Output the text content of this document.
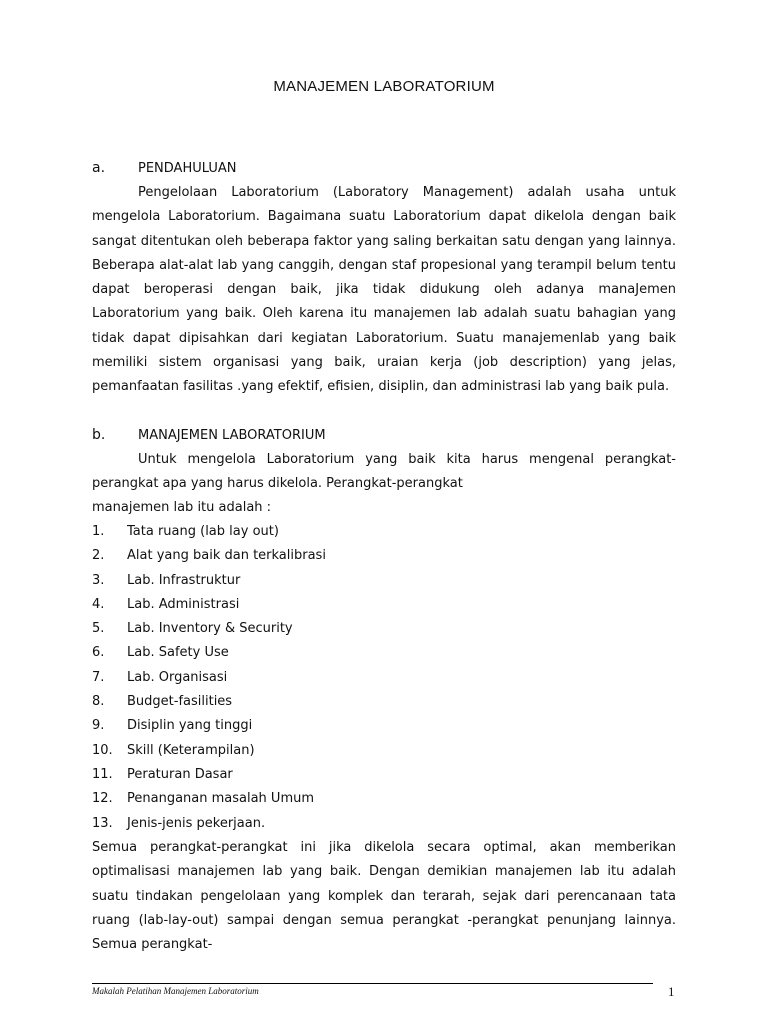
MANAJEMEN LABORATORIUM
a.	PENDAHULUAN

Pengelolaan Laboratorium (Laboratory Management) adalah usaha untuk mengelola Laboratorium. Bagaimana suatu Laboratorium dapat dikelola dengan baik sangat ditentukan oleh beberapa faktor yang saling berkaitan satu dengan yang lainnya. Beberapa alat-alat lab yang canggih, dengan staf propesional yang terampil belum tentu dapat beroperasi dengan baik, jika tidak didukung oleh adanya manaJemen Laboratorium yang baik. Oleh karena itu manajemen lab adalah suatu bahagian yang tidak dapat dipisahkan dari kegiatan Laboratorium. Suatu manajemenlab yang baik memiliki sistem organisasi yang baik, uraian kerja (job description) yang jelas, pemanfaatan fasilitas .yang efektif, efisien, disiplin, dan administrasi lab yang baik pula.

b.	MANAJEMEN LABORATORIUM

Untuk mengelola Laboratorium yang baik kita harus mengenal perangkat-perangkat apa yang harus dikelola. Perangkat-perangkat

manajemen lab itu adalah :
1. Tata ruang (lab lay out)
2. Alat yang baik dan terkalibrasi
3. Lab. Infrastruktur
4. Lab. Administrasi
5. Lab. Inventory & Security
6. Lab. Safety Use
7. Lab. Organisasi
8. Budget-fasilities
9. Disiplin yang tinggi
10. Skill (Keterampilan)
11. Peraturan Dasar
12. Penanganan masalah Umum
13. Jenis-jenis pekerjaan.

Semua perangkat-perangkat ini jika dikelola secara optimal, akan memberikan optimalisasi manajemen lab yang baik. Dengan demikian manajemen lab itu adalah suatu tindakan pengelolaan yang komplek dan terarah, sejak dari perencanaan tata ruang (lab-lay-out) sampai dengan semua perangkat -perangkat penunjang lainnya. Semua perangkat-

Makalah Pelatihan Manajemen Laboratorium	1
